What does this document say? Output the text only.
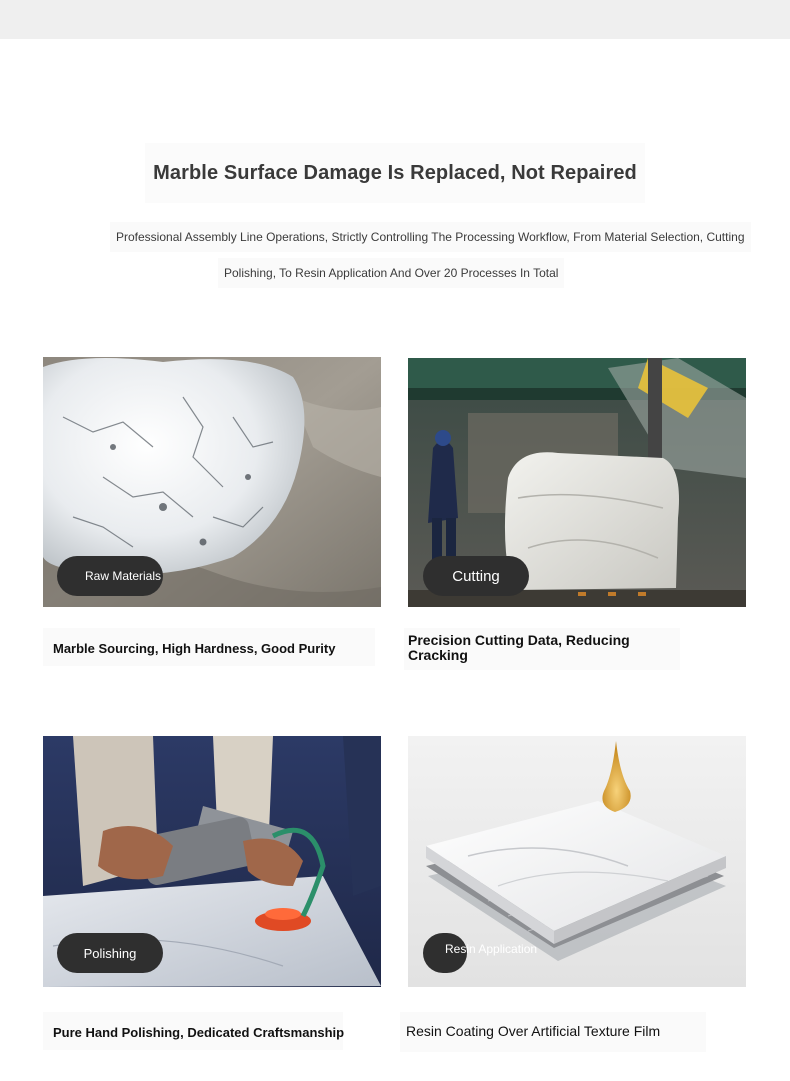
Marble Surface Damage Is Replaced, Not Repaired
Professional Assembly Line Operations, Strictly Controlling The Processing Workflow, From Material Selection, Cutting
Polishing, To Resin Application And Over 20 Processes In Total
Raw Materials
Marble Sourcing, High Hardness, Good Purity
Cutting
Precision Cutting Data, Reducing Cracking
Polishing
Pure Hand Polishing, Dedicated Craftsmanship
Resin Application
Resin Coating Over Artificial Texture Film
